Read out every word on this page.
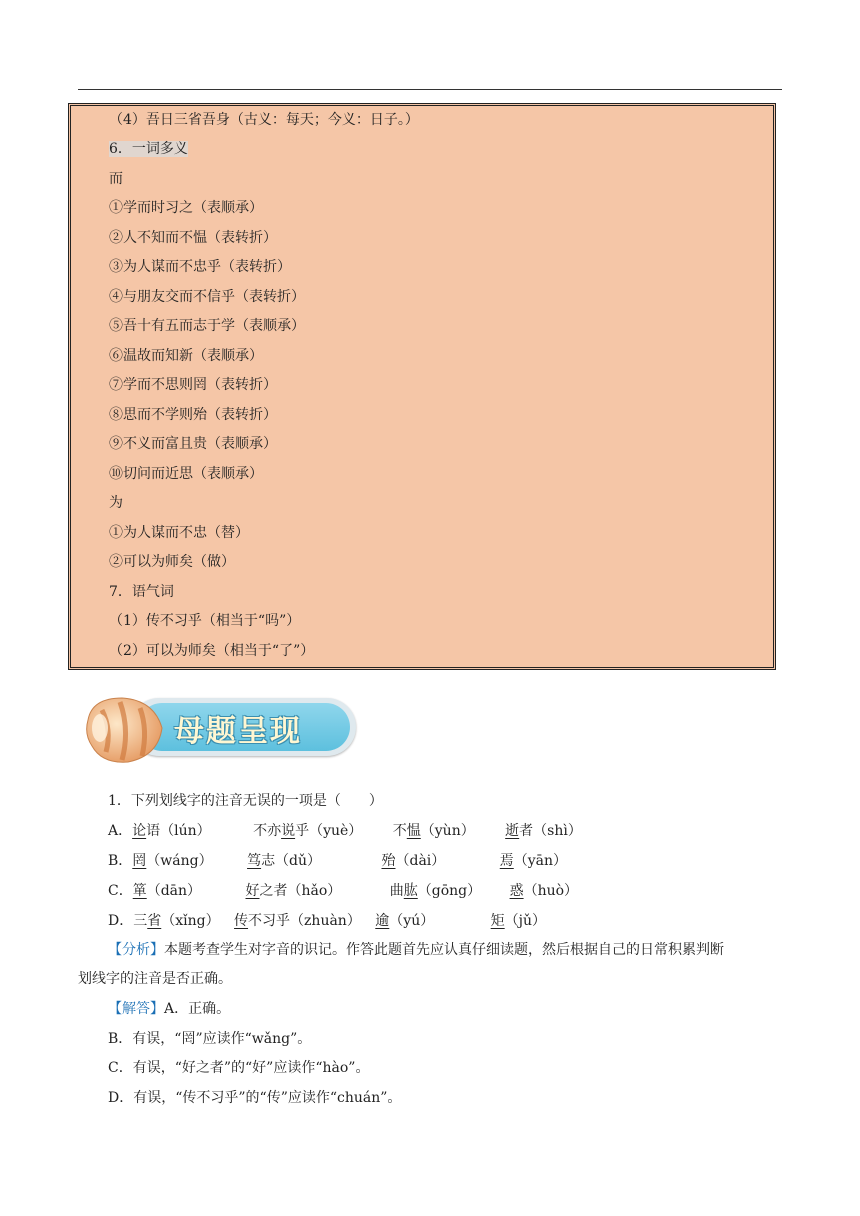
（4）吾日三省吾身（古义：每天；今义：日子。）
6．一词多义
而
①学而时习之（表顺承）
②人不知而不愠（表转折）
③为人谋而不忠乎（表转折）
④与朋友交而不信乎（表转折）
⑤吾十有五而志于学（表顺承）
⑥温故而知新（表顺承）
⑦学而不思则罔（表转折）
⑧思而不学则殆（表转折）
⑨不义而富且贵（表顺承）
⑩切问而近思（表顺承）
为
①为人谋而不忠（替）
②可以为师矣（做）
7．语气词
（1）传不习乎（相当于“吗”）
（2）可以为师矣（相当于“了”）
母题呈现
1．下列划线字的注音无误的一项是（　　）
A．论语（lún）	不亦说乎（yuè） 不愠（yùn） 逝者（shì）
B．罔（wáng） 笃志（dǔ）	殆（dài）	焉（yān）
C．箪（dān）	好之者（hǎo）	曲肱（gōng） 惑（huò）
D．三省（xǐng） 传不习乎（zhuàn） 逾（yú）	矩（jǔ）
【分析】本题考查学生对字音的识记。作答此题首先应认真仔细读题，然后根据自己的日常积累判断
划线字的注音是否正确。
【解答】A．正确。
B．有误，“罔”应读作“wǎng”。
C．有误，“好之者”的“好”应读作“hào”。
D．有误，“传不习乎”的“传”应读作“chuán”。
